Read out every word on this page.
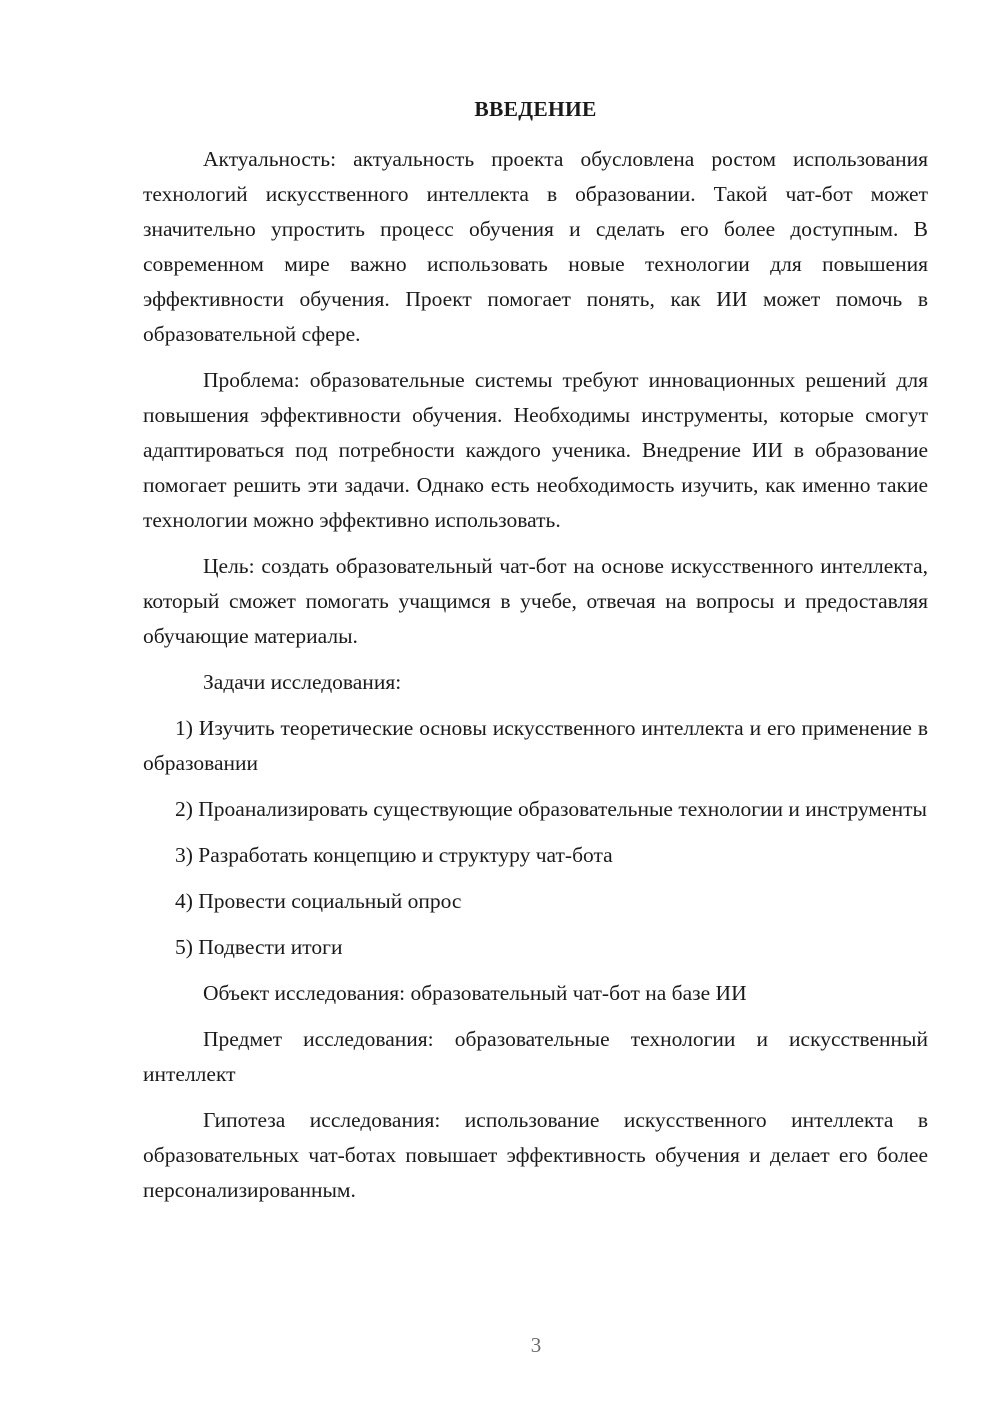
ВВЕДЕНИЕ

Актуальность: актуальность проекта обусловлена ростом использования технологий искусственного интеллекта в образовании. Такой чат-бот может значительно упростить процесс обучения и сделать его более доступным. В современном мире важно использовать новые технологии для повышения эффективности обучения. Проект помогает понять, как ИИ может помочь в образовательной сфере.

Проблема: образовательные системы требуют инновационных решений для повышения эффективности обучения. Необходимы инструменты, которые смогут адаптироваться под потребности каждого ученика. Внедрение ИИ в образование помогает решить эти задачи. Однако есть необходимость изучить, как именно такие технологии можно эффективно использовать.

Цель: создать образовательный чат-бот на основе искусственного интеллекта, который сможет помогать учащимся в учебе, отвечая на вопросы и предоставляя обучающие материалы.

Задачи исследования:

1) Изучить теоретические основы искусственного интеллекта и его применение в образовании

2) Проанализировать существующие образовательные технологии и инструменты

3) Разработать концепцию и структуру чат-бота

4) Провести социальный опрос

5) Подвести итоги

Объект исследования: образовательный чат-бот на базе ИИ

Предмет исследования: образовательные технологии и искусственный интеллект

Гипотеза исследования: использование искусственного интеллекта в образовательных чат-ботах повышает эффективность обучения и делает его более персонализированным.

3
